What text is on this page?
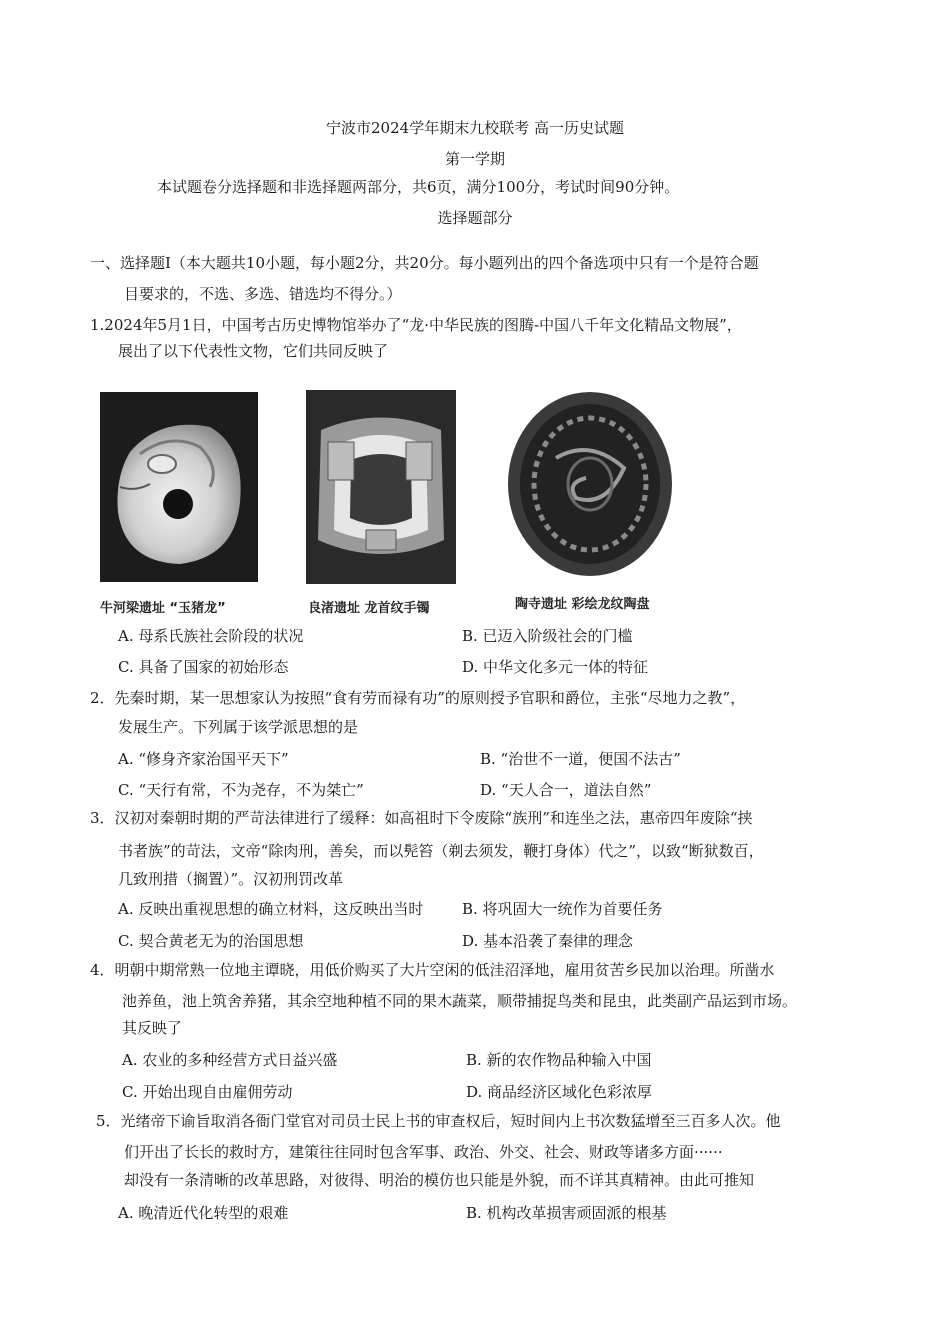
宁波市2024学年期末九校联考 高一历史试题
第一学期
本试题卷分选择题和非选择题两部分，共6页，满分100分，考试时间90分钟。
选择题部分
一、选择题Ⅰ（本大题共10小题，每小题2分，共20分。每小题列出的四个备选项中只有一个是符合题
目要求的，不选、多选、错选均不得分。）
1.2024年5月1日，中国考古历史博物馆举办了“龙·中华民族的图腾-中国八千年文化精品文物展”，
展出了以下代表性文物，它们共同反映了
牛河梁遗址 “玉猪龙”	良渚遗址 龙首纹手镯	陶寺遗址 彩绘龙纹陶盘
A. 母系氏族社会阶段的状况	B. 已迈入阶级社会的门槛
C. 具备了国家的初始形态	D. 中华文化多元一体的特征
2．先秦时期，某一思想家认为按照“食有劳而禄有功”的原则授予官职和爵位，主张“尽地力之教”，
发展生产。下列属于该学派思想的是
A. “修身齐家治国平天下”	B. “治世不一道，便国不法古”
C. “天行有常，不为尧存，不为桀亡”	D. “天人合一，道法自然”
3．汉初对秦朝时期的严苛法律进行了缓释：如高祖时下令废除“族刑”和连坐之法，惠帝四年废除“挟
书者族”的苛法，文帝“除肉刑，善矣，而以髡笞（剃去须发，鞭打身体）代之”，以致“断狱数百，
几致刑措（搁置）”。汉初刑罚改革
A. 反映出重视思想的确立材料，这反映出当时	B. 将巩固大一统作为首要任务
C. 契合黄老无为的治国思想	D. 基本沿袭了秦律的理念
4．明朝中期常熟一位地主谭晓，用低价购买了大片空闲的低洼沼泽地，雇用贫苦乡民加以治理。所凿水
池养鱼，池上筑舍养猪，其余空地种植不同的果木蔬菜，顺带捕捉鸟类和昆虫，此类副产品运到市场。
其反映了
A. 农业的多种经营方式日益兴盛	B. 新的农作物品种输入中国
C. 开始出现自由雇佣劳动	D. 商品经济区域化色彩浓厚
5．光绪帝下谕旨取消各衙门堂官对司员士民上书的审查权后，短时间内上书次数猛增至三百多人次。他
们开出了长长的救时方，建策往往同时包含军事、政治、外交、社会、财政等诸多方面······
却没有一条清晰的改革思路，对彼得、明治的模仿也只能是外貌，而不详其真精神。由此可推知
A. 晚清近代化转型的艰难	B. 机构改革损害顽固派的根基
